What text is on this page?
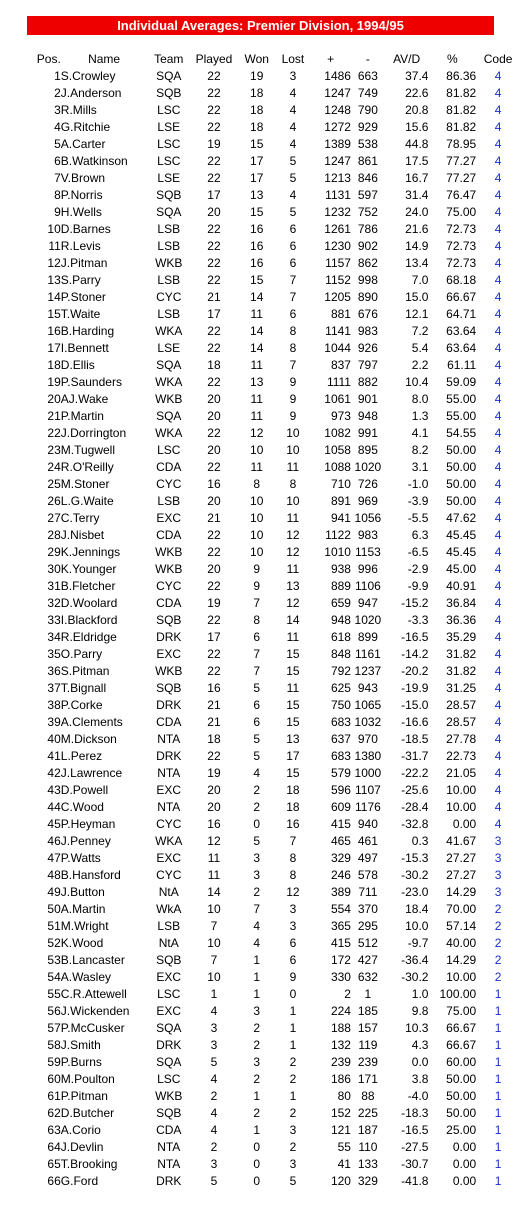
Individual Averages: Premier Division, 1994/95
Pos.	Name	Team	Played	Won	Lost	+	-	AV/D	%	Code
1	S.Crowley	SQA	22	19	3	1486	663	37.4	86.36	4
2	J.Anderson	SQB	22	18	4	1247	749	22.6	81.82	4
3	R.Mills	LSC	22	18	4	1248	790	20.8	81.82	4
4	G.Ritchie	LSE	22	18	4	1272	929	15.6	81.82	4
5	A.Carter	LSC	19	15	4	1389	538	44.8	78.95	4
6	B.Watkinson	LSC	22	17	5	1247	861	17.5	77.27	4
7	V.Brown	LSE	22	17	5	1213	846	16.7	77.27	4
8	P.Norris	SQB	17	13	4	1131	597	31.4	76.47	4
9	H.Wells	SQA	20	15	5	1232	752	24.0	75.00	4
10	D.Barnes	LSB	22	16	6	1261	786	21.6	72.73	4
11	R.Levis	LSB	22	16	6	1230	902	14.9	72.73	4
12	J.Pitman	WKB	22	16	6	1157	862	13.4	72.73	4
13	S.Parry	LSB	22	15	7	1152	998	7.0	68.18	4
14	P.Stoner	CYC	21	14	7	1205	890	15.0	66.67	4
15	T.Waite	LSB	17	11	6	881	676	12.1	64.71	4
16	B.Harding	WKA	22	14	8	1141	983	7.2	63.64	4
17	I.Bennett	LSE	22	14	8	1044	926	5.4	63.64	4
18	D.Ellis	SQA	18	11	7	837	797	2.2	61.11	4
19	P.Saunders	WKA	22	13	9	1111	882	10.4	59.09	4
20	AJ.Wake	WKB	20	11	9	1061	901	8.0	55.00	4
21	P.Martin	SQA	20	11	9	973	948	1.3	55.00	4
22	J.Dorrington	WKA	22	12	10	1082	991	4.1	54.55	4
23	M.Tugwell	LSC	20	10	10	1058	895	8.2	50.00	4
24	R.O'Reilly	CDA	22	11	11	1088	1020	3.1	50.00	4
25	M.Stoner	CYC	16	8	8	710	726	-1.0	50.00	4
26	L.G.Waite	LSB	20	10	10	891	969	-3.9	50.00	4
27	C.Terry	EXC	21	10	11	941	1056	-5.5	47.62	4
28	J.Nisbet	CDA	22	10	12	1122	983	6.3	45.45	4
29	K.Jennings	WKB	22	10	12	1010	1153	-6.5	45.45	4
30	K.Younger	WKB	20	9	11	938	996	-2.9	45.00	4
31	B.Fletcher	CYC	22	9	13	889	1106	-9.9	40.91	4
32	D.Woolard	CDA	19	7	12	659	947	-15.2	36.84	4
33	I.Blackford	SQB	22	8	14	948	1020	-3.3	36.36	4
34	R.Eldridge	DRK	17	6	11	618	899	-16.5	35.29	4
35	O.Parry	EXC	22	7	15	848	1161	-14.2	31.82	4
36	S.Pitman	WKB	22	7	15	792	1237	-20.2	31.82	4
37	T.Bignall	SQB	16	5	11	625	943	-19.9	31.25	4
38	P.Corke	DRK	21	6	15	750	1065	-15.0	28.57	4
39	A.Clements	CDA	21	6	15	683	1032	-16.6	28.57	4
40	M.Dickson	NTA	18	5	13	637	970	-18.5	27.78	4
41	L.Perez	DRK	22	5	17	683	1380	-31.7	22.73	4
42	J.Lawrence	NTA	19	4	15	579	1000	-22.2	21.05	4
43	D.Powell	EXC	20	2	18	596	1107	-25.6	10.00	4
44	C.Wood	NTA	20	2	18	609	1176	-28.4	10.00	4
45	P.Heyman	CYC	16	0	16	415	940	-32.8	0.00	4
46	J.Penney	WKA	12	5	7	465	461	0.3	41.67	3
47	P.Watts	EXC	11	3	8	329	497	-15.3	27.27	3
48	B.Hansford	CYC	11	3	8	246	578	-30.2	27.27	3
49	J.Button	NtA	14	2	12	389	711	-23.0	14.29	3
50	A.Martin	WkA	10	7	3	554	370	18.4	70.00	2
51	M.Wright	LSB	7	4	3	365	295	10.0	57.14	2
52	K.Wood	NtA	10	4	6	415	512	-9.7	40.00	2
53	B.Lancaster	SQB	7	1	6	172	427	-36.4	14.29	2
54	A.Wasley	EXC	10	1	9	330	632	-30.2	10.00	2
55	C.R.Attewell	LSC	1	1	0	2	1	1.0	100.00	1
56	J.Wickenden	EXC	4	3	1	224	185	9.8	75.00	1
57	P.McCusker	SQA	3	2	1	188	157	10.3	66.67	1
58	J.Smith	DRK	3	2	1	132	119	4.3	66.67	1
59	P.Burns	SQA	5	3	2	239	239	0.0	60.00	1
60	M.Poulton	LSC	4	2	2	186	171	3.8	50.00	1
61	P.Pitman	WKB	2	1	1	80	88	-4.0	50.00	1
62	D.Butcher	SQB	4	2	2	152	225	-18.3	50.00	1
63	A.Corio	CDA	4	1	3	121	187	-16.5	25.00	1
64	J.Devlin	NTA	2	0	2	55	110	-27.5	0.00	1
65	T.Brooking	NTA	3	0	3	41	133	-30.7	0.00	1
66	G.Ford	DRK	5	0	5	120	329	-41.8	0.00	1
